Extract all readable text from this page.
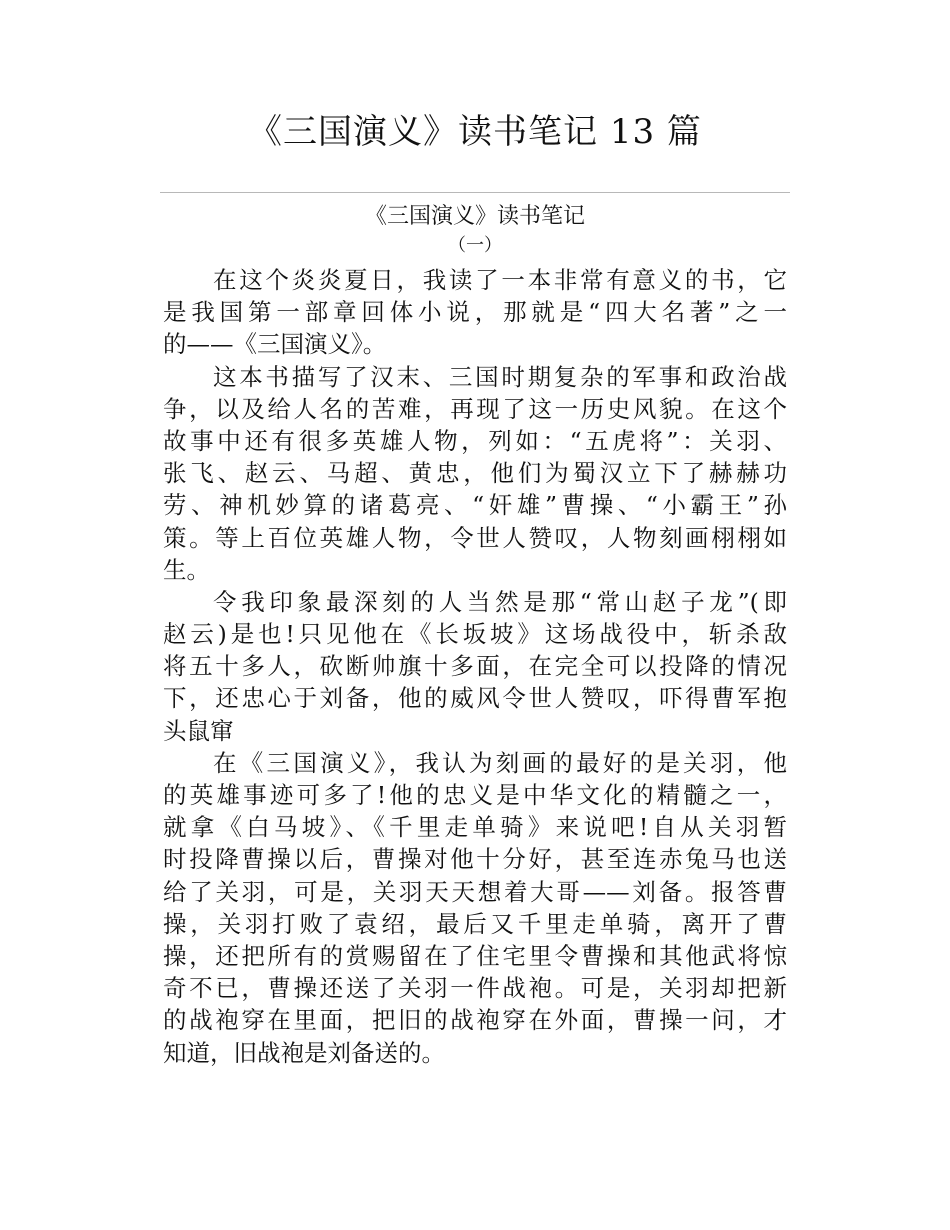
《三国演义》读书笔记 13 篇
《三国演义》读书笔记
（一）
在这个炎炎夏日，我读了一本非常有意义的书，它
是我国第一部章回体小说，那就是“四大名著”之一
的——《三国演义》。
这本书描写了汉末、三国时期复杂的军事和政治战
争，以及给人名的苦难，再现了这一历史风貌。在这个
故事中还有很多英雄人物，列如：“五虎将”：关羽、
张飞、赵云、马超、黄忠，他们为蜀汉立下了赫赫功
劳、神机妙算的诸葛亮、“奸雄”曹操、“小霸王”孙
策。等上百位英雄人物，令世人赞叹，人物刻画栩栩如
生。
令我印象最深刻的人当然是那“常山赵子龙”(即
赵云)是也!只见他在《长坂坡》这场战役中，斩杀敌
将五十多人，砍断帅旗十多面，在完全可以投降的情况
下，还忠心于刘备，他的威风令世人赞叹，吓得曹军抱
头鼠窜
在《三国演义》，我认为刻画的最好的是关羽，他
的英雄事迹可多了!他的忠义是中华文化的精髓之一，
就拿《白马坡》、《千里走单骑》来说吧!自从关羽暂
时投降曹操以后，曹操对他十分好，甚至连赤兔马也送
给了关羽，可是，关羽天天想着大哥——刘备。报答曹
操，关羽打败了袁绍，最后又千里走单骑，离开了曹
操，还把所有的赏赐留在了住宅里令曹操和其他武将惊
奇不已，曹操还送了关羽一件战袍。可是，关羽却把新
的战袍穿在里面，把旧的战袍穿在外面，曹操一问，才
知道，旧战袍是刘备送的。
